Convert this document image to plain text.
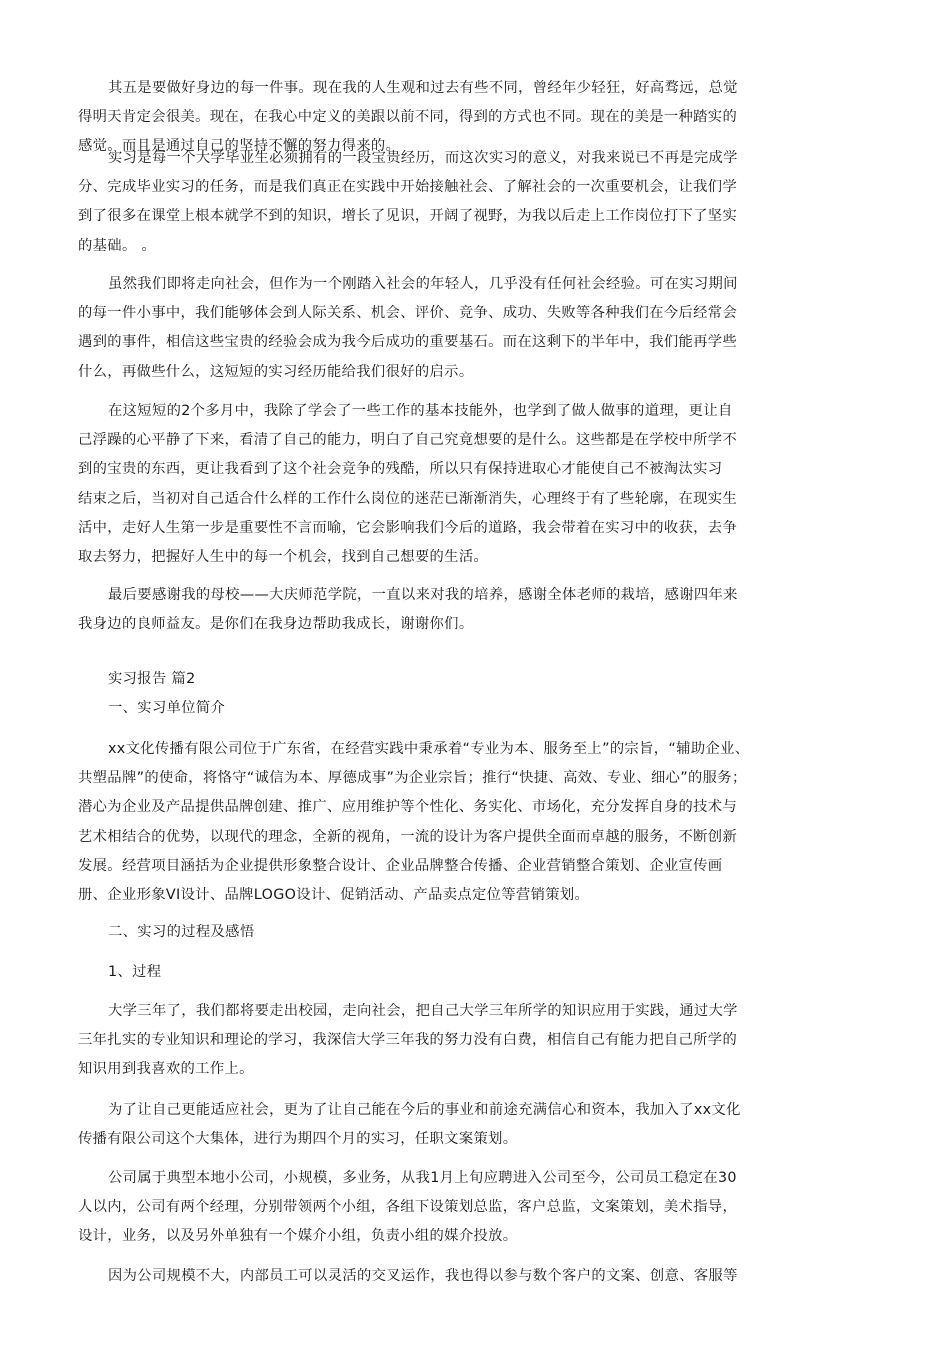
其五是要做好身边的每一件事。现在我的人生观和过去有些不同，曾经年少轻狂，好高骛远，总觉
得明天肯定会很美。现在，在我心中定义的美跟以前不同，得到的方式也不同。现在的美是一种踏实的
感觉。而且是通过自己的坚持不懈的努力得来的。
实习是每一个大学毕业生必须拥有的一段宝贵经历，而这次实习的意义，对我来说已不再是完成学
分、完成毕业实习的任务，而是我们真正在实践中开始接触社会、了解社会的一次重要机会，让我们学
到了很多在课堂上根本就学不到的知识，增长了见识，开阔了视野，为我以后走上工作岗位打下了坚实
的基础。 。
虽然我们即将走向社会，但作为一个刚踏入社会的年轻人，几乎没有任何社会经验。可在实习期间
的每一件小事中，我们能够体会到人际关系、机会、评价、竞争、成功、失败等各种我们在今后经常会
遇到的事件，相信这些宝贵的经验会成为我今后成功的重要基石。而在这剩下的半年中，我们能再学些
什么，再做些什么，这短短的实习经历能给我们很好的启示。
在这短短的2个多月中，我除了学会了一些工作的基本技能外，也学到了做人做事的道理，更让自
己浮躁的心平静了下来，看清了自己的能力，明白了自己究竟想要的是什么。这些都是在学校中所学不
到的宝贵的东西，更让我看到了这个社会竞争的残酷，所以只有保持进取心才能使自己不被淘汰实习
结束之后，当初对自己适合什么样的工作什么岗位的迷茫已渐渐消失，心理终于有了些轮廓，在现实生
活中，走好人生第一步是重要性不言而喻，它会影响我们今后的道路，我会带着在实习中的收获，去争
取去努力，把握好人生中的每一个机会，找到自己想要的生活。
最后要感谢我的母校——大庆师范学院，一直以来对我的培养，感谢全体老师的栽培，感谢四年来
我身边的良师益友。是你们在我身边帮助我成长，谢谢你们。
实习报告 篇2
一、实习单位简介
xx文化传播有限公司位于广东省，在经营实践中秉承着“专业为本、服务至上”的宗旨，“辅助企业、
共塑品牌”的使命，将恪守“诚信为本、厚德成事”为企业宗旨；推行“快捷、高效、专业、细心”的服务；
潜心为企业及产品提供品牌创建、推广、应用维护等个性化、务实化、市场化，充分发挥自身的技术与
艺术相结合的优势，以现代的理念，全新的视角，一流的设计为客户提供全面而卓越的服务，不断创新
发展。经营项目涵括为企业提供形象整合设计、企业品牌整合传播、企业营销整合策划、企业宣传画
册、企业形象VI设计、品牌LOGO设计、促销活动、产品卖点定位等营销策划。
二、实习的过程及感悟
1、过程
大学三年了，我们都将要走出校园，走向社会，把自己大学三年所学的知识应用于实践，通过大学
三年扎实的专业知识和理论的学习，我深信大学三年我的努力没有白费，相信自己有能力把自己所学的
知识用到我喜欢的工作上。
为了让自己更能适应社会，更为了让自己能在今后的事业和前途充满信心和资本，我加入了xx文化
传播有限公司这个大集体，进行为期四个月的实习，任职文案策划。
公司属于典型本地小公司，小规模，多业务，从我1月上旬应聘进入公司至今，公司员工稳定在30
人以内，公司有两个经理，分别带领两个小组，各组下设策划总监，客户总监，文案策划，美术指导，
设计，业务，以及另外单独有一个媒介小组，负责小组的媒介投放。
因为公司规模不大，内部员工可以灵活的交叉运作，我也得以参与数个客户的文案、创意、客服等
